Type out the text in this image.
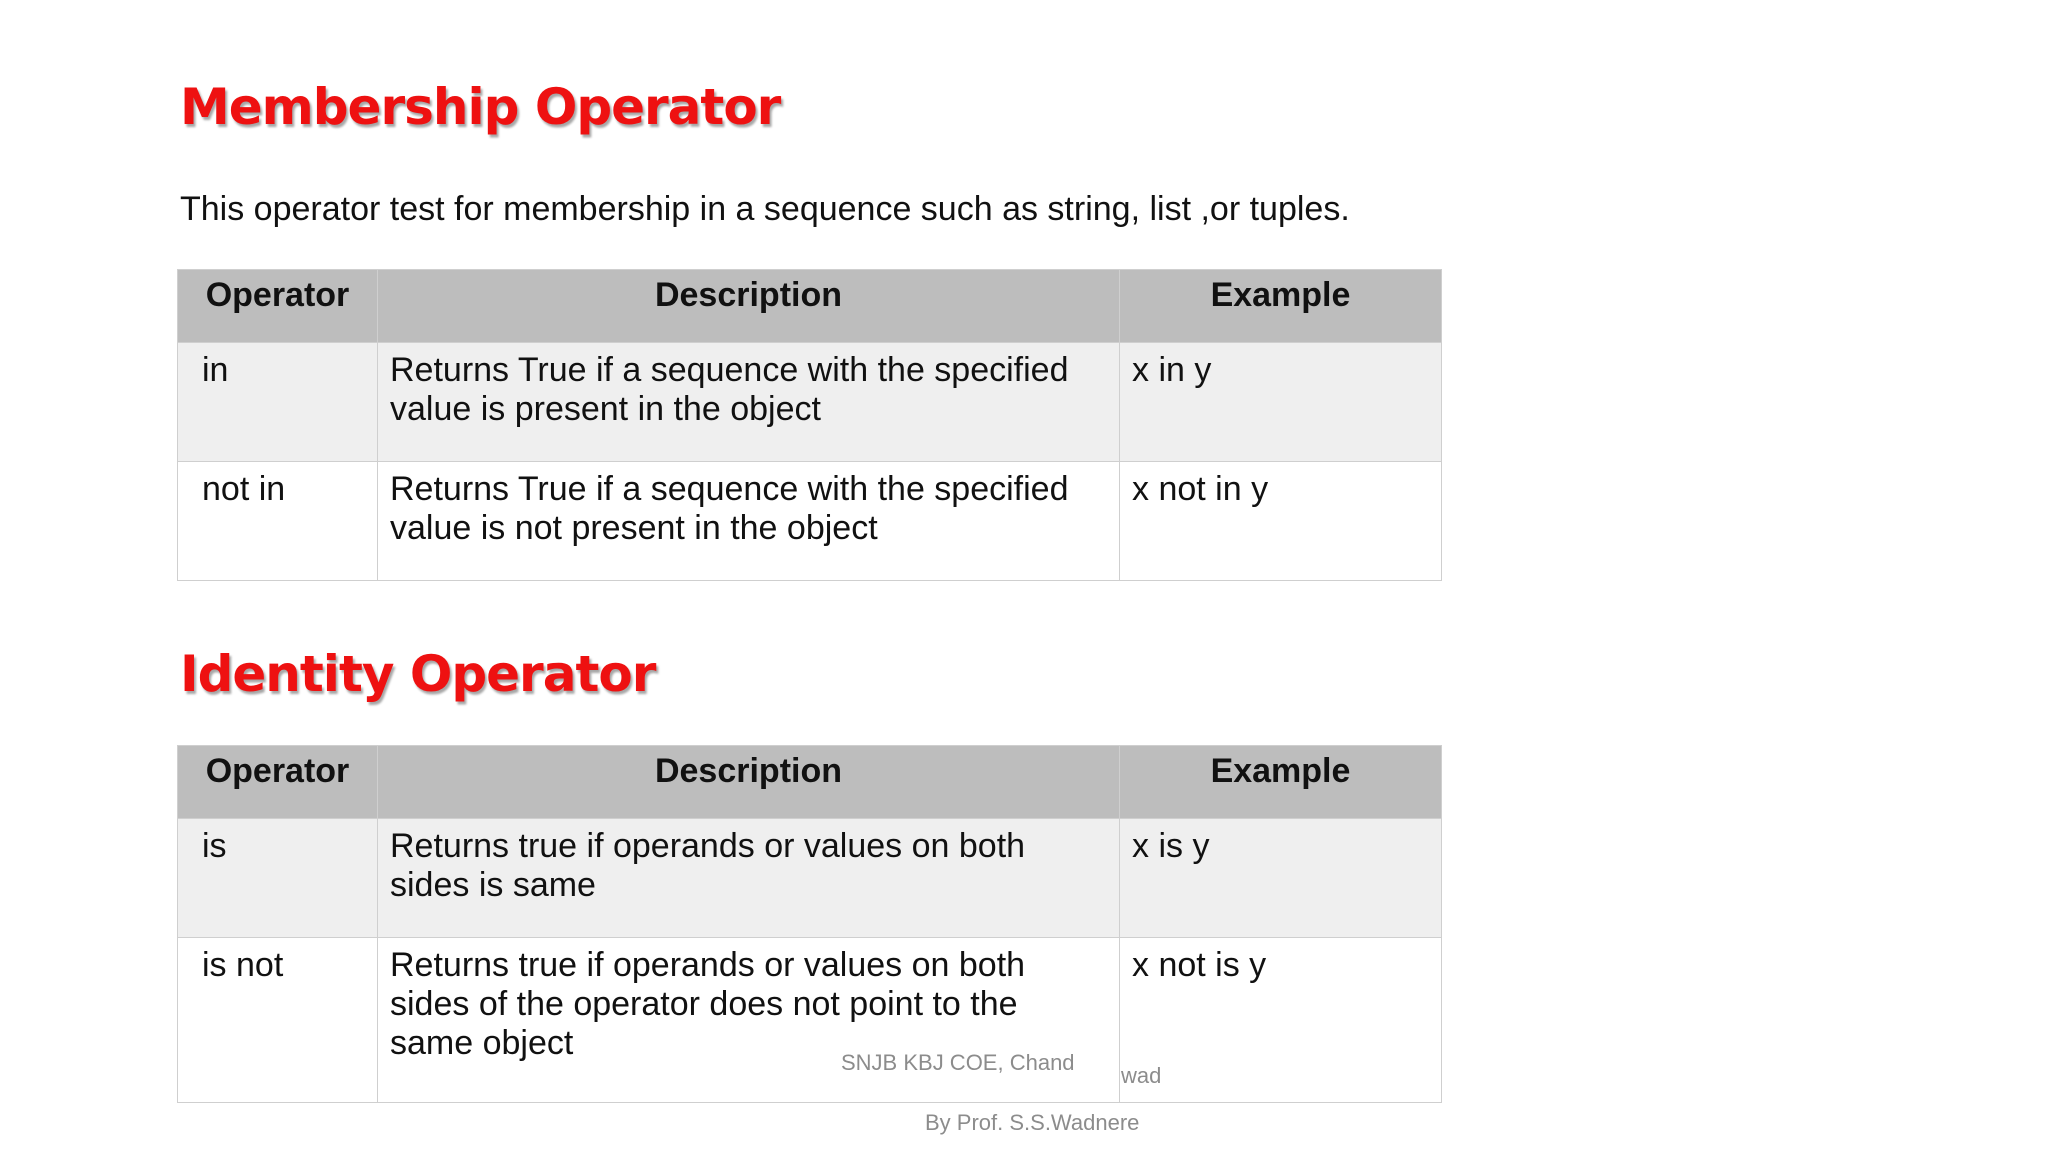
Membership Operator

This operator test for membership in a sequence such as string, list ,or tuples.

Operator	Description	Example
in	Returns True if a sequence with the specified value is present in the object	x in y
not in	Returns True if a sequence with the specified value is not present in the object	x not in y
Identity Operator
Operator	Description	Example
is	Returns true if operands or values on both sides is same	x is y
is not	Returns true if operands or values on both sides of the operator does not point to the same object	x not is y
SNJB KBJ COE, Chand
wad
By Prof. S.S.Wadnere
